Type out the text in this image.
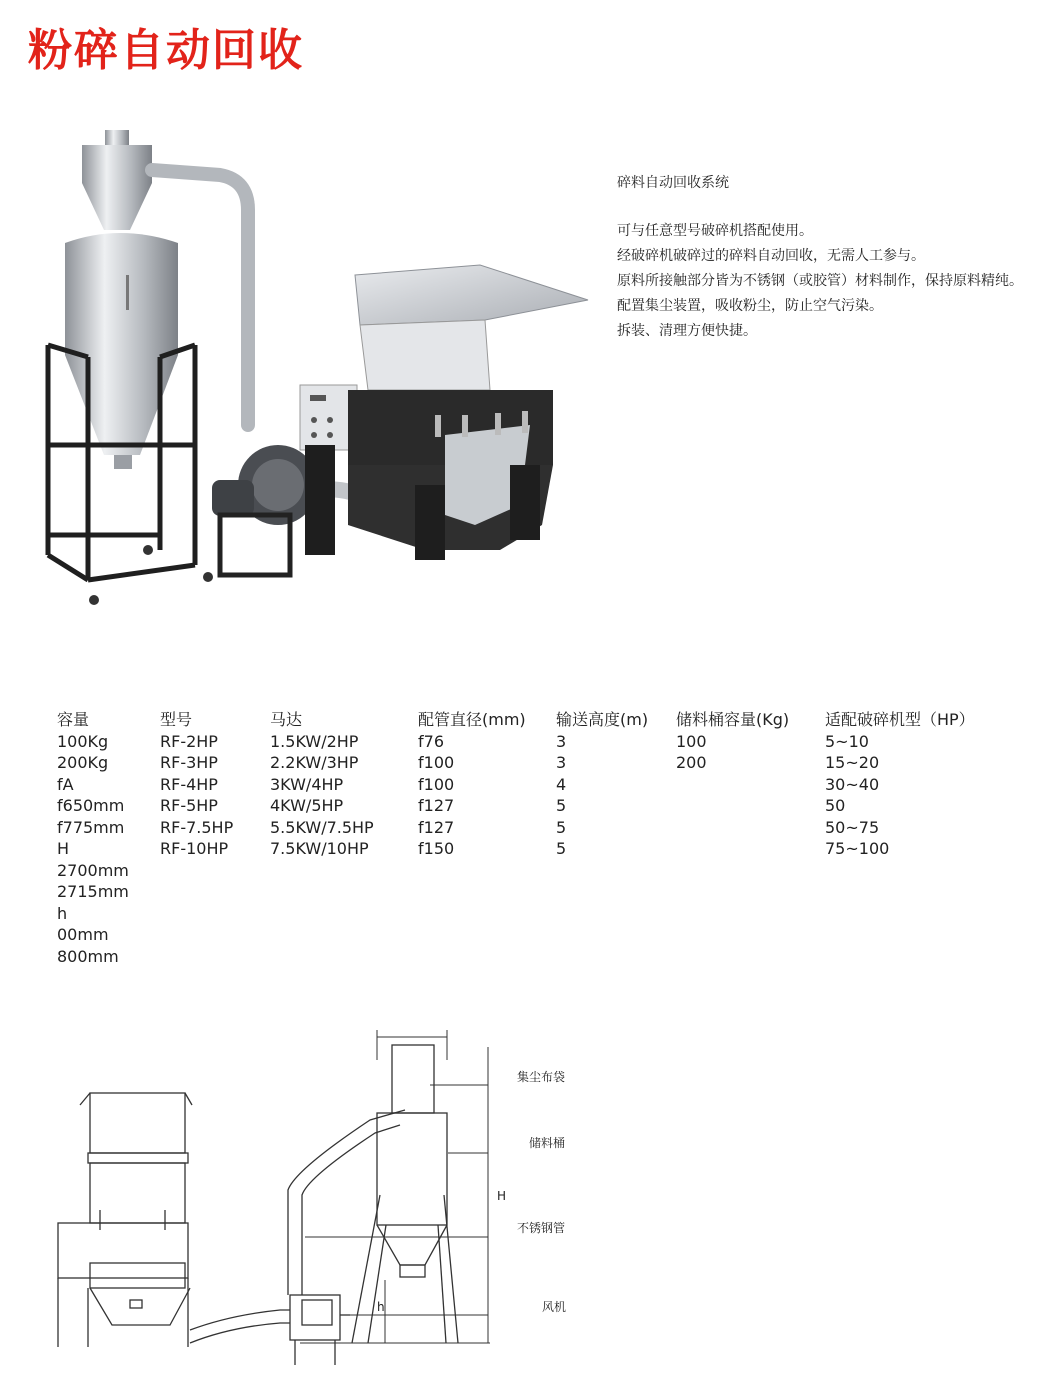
粉碎自动回收

碎料自动回收系统

可与任意型号破碎机搭配使用。

经破碎机破碎过的碎料自动回收，无需人工参与。

原料所接触部分皆为不锈钢（或胶管）材料制作，保持原料精纯。

配置集尘装置，吸收粉尘，防止空气污染。

拆装、清理方便快捷。

容量
100Kg
200Kg
fA
f650mm
f775mm
H
2700mm
2715mm
h
00mm
800mm
型号
RF-2HP
RF-3HP
RF-4HP
RF-5HP
RF-7.5HP
RF-10HP
马达
1.5KW/2HP
2.2KW/3HP
3KW/4HP
4KW/5HP
5.5KW/7.5HP
7.5KW/10HP
配管直径(mm)
f76
f100
f100
f127
f127
f150
输送高度(m)
3
3
4
5
5
5
储料桶容量(Kg)
100
200
适配破碎机型（HP）
5~10
15~20
30~40
50
50~75
75~100
集尘布袋
储料桶
不锈钢管
风机
H
h
